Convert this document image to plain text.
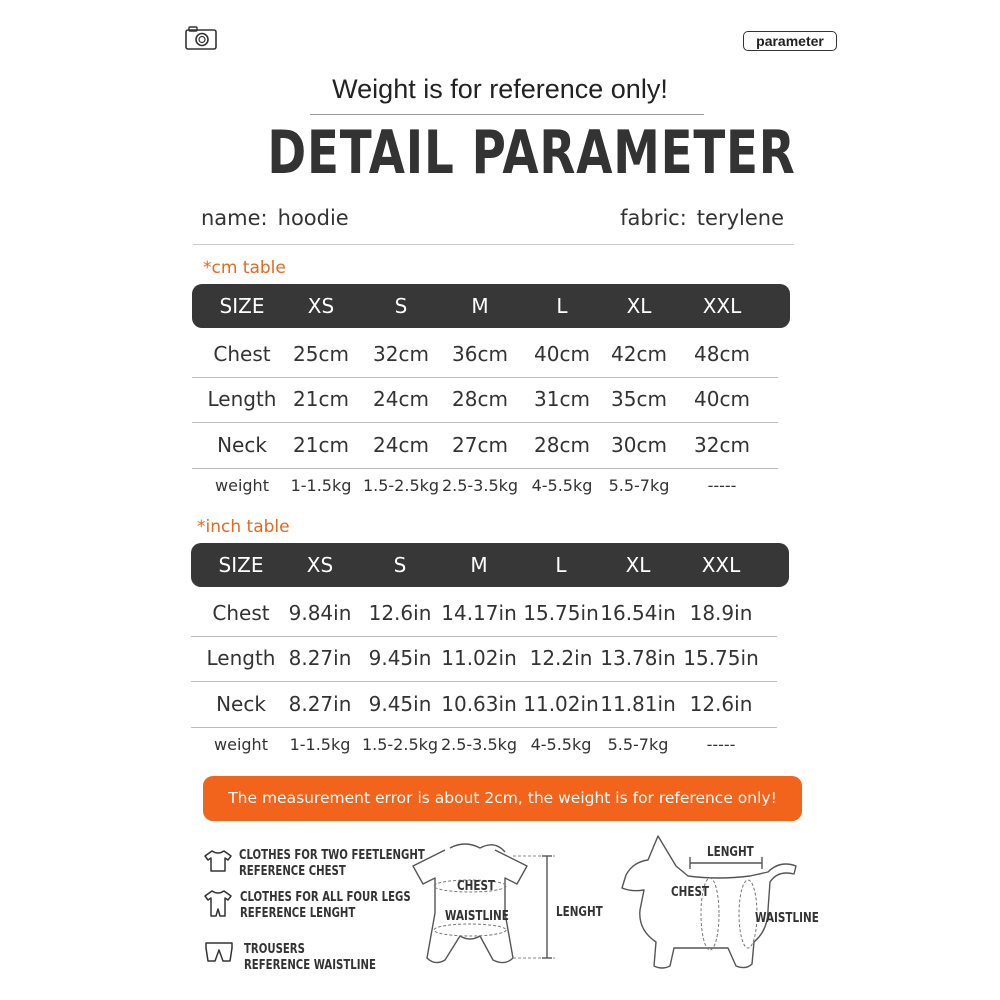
parameter
Weight is for reference only!
DETAIL PARAMETER
name: hoodie	fabric: terylene
*cm table
SIZE	XS	S	M	L	XL	XXL
Chest	25cm	32cm	36cm	40cm	42cm	48cm
Length 21cm	24cm	28cm	31cm	35cm	40cm
Neck	21cm	24cm	27cm	28cm	30cm	32cm
weight	1-1.5kg 1.5-2.5kg 2.5-3.5kg 4-5.5kg	5.5-7kg	-----
*inch table
SIZE	XS	S	M	L	XL	XXL
Chest 9.84in 12.6in 14.17in 15.75in 16.54in 18.9in
Length 8.27in 9.45in 11.02in 12.2in 13.78in 15.75in
Neck	8.27in 9.45in 10.63in 11.02in 11.81in 12.6in
weight	1-1.5kg 1.5-2.5kg 2.5-3.5kg 4-5.5kg	5.5-7kg	-----
The measurement error is about 2cm, the weight is for reference only!
CLOTHES FOR TWO FEETLENGHT
REFERENCE CHEST
CLOTHES FOR ALL FOUR LEGS
REFERENCE LENGHT
TROUSERS
REFERENCE WAISTLINE
CHEST
WAISTLINE	LENGHT
LENGHT
CHEST
WAISTLINE
